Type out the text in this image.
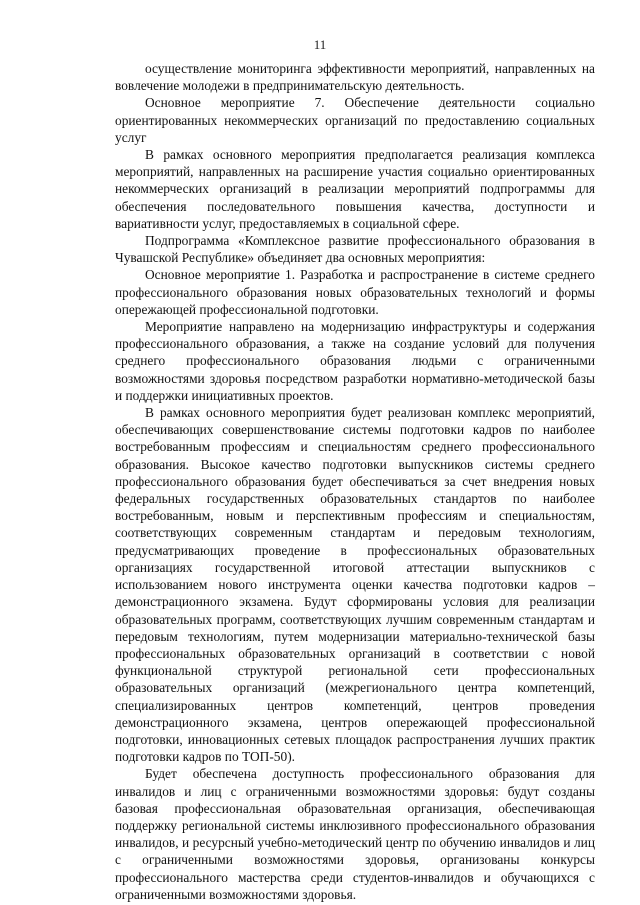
11

осуществление мониторинга эффективности мероприятий, направленных на вовлечение молодежи в предпринимательскую деятельность.

Основное мероприятие 7. Обеспечение деятельности социально ориентированных некоммерческих организаций по предоставлению социальных услуг

В рамках основного мероприятия предполагается реализация комплекса мероприятий, направленных на расширение участия социально ориентированных некоммерческих организаций в реализации мероприятий подпрограммы для обеспечения последовательного повышения качества, доступности и вариативности услуг, предоставляемых в социальной сфере.

Подпрограмма «Комплексное развитие профессионального образования в Чувашской Республике» объединяет два основных мероприятия:

Основное мероприятие 1. Разработка и распространение в системе среднего профессионального образования новых образовательных технологий и формы опережающей профессиональной подготовки.

Мероприятие направлено на модернизацию инфраструктуры и содержания профессионального образования, а также на создание условий для получения среднего профессионального образования людьми с ограниченными возможностями здоровья посредством разработки нормативно-методической базы и поддержки инициативных проектов.

В рамках основного мероприятия будет реализован комплекс мероприятий, обеспечивающих совершенствование системы подготовки кадров по наиболее востребованным профессиям и специальностям среднего профессионального образования. Высокое качество подготовки выпускников системы среднего профессионального образования будет обеспечиваться за счет внедрения новых федеральных государственных образовательных стандартов по наиболее востребованным, новым и перспективным профессиям и специальностям, соответствующих современным стандартам и передовым технологиям, предусматривающих проведение в профессиональных образовательных организациях государственной итоговой аттестации выпускников с использованием нового инструмента оценки качества подготовки кадров – демонстрационного экзамена. Будут сформированы условия для реализации образовательных программ, соответствующих лучшим современным стандартам и передовым технологиям, путем модернизации материально-технической базы профессиональных образовательных организаций в соответствии с новой функциональной структурой региональной сети профессиональных образовательных организаций (межрегионального центра компетенций, специализированных центров компетенций, центров проведения демонстрационного экзамена, центров опережающей профессиональной подготовки, инновационных сетевых площадок распространения лучших практик подготовки кадров по ТОП-50).

Будет обеспечена доступность профессионального образования для инвалидов и лиц с ограниченными возможностями здоровья: будут созданы базовая профессиональная образовательная организация, обеспечивающая поддержку региональной системы инклюзивного профессионального образования инвалидов, и ресурсный учебно-методический центр по обучению инвалидов и лиц с ограниченными возможностями здоровья, организованы конкурсы профессионального мастерства среди студентов-инвалидов и обучающихся с ограниченными возможностями здоровья.
